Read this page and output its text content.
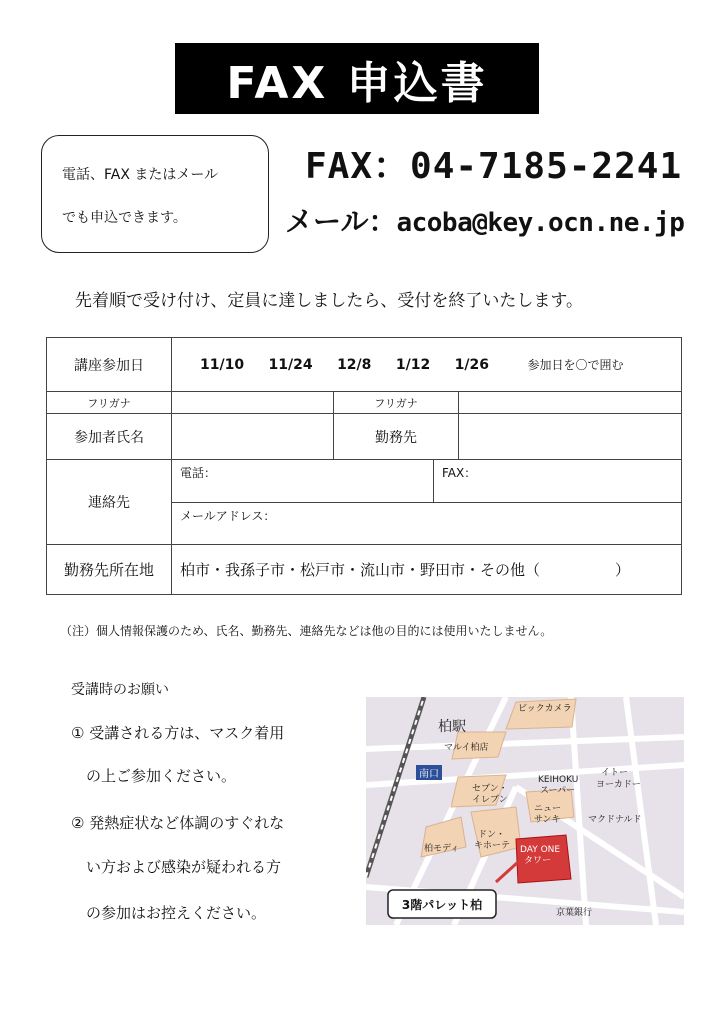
FAX 申込書
電話、FAX またはメール
でも申込できます。
FAX：04-7185-2241
メール：acoba@key.ocn.ne.jp
先着順で受け付け、定員に達しましたら、受付を終了いたします。
講座参加日	11/10 11/24 12/8 1/12 1/26 参加日を〇で囲む		
フリガナ		フリガナ	
参加者氏名		勤務先	
連絡先	電話： FAX：		

	メールアドレス：		
勤務先所在地	柏市・我孫子市・松戸市・流山市・野田市・その他（　　　　　）		
（注）個人情報保護のため、氏名、勤務先、連絡先などは他の目的には使用いたしません。
受講時のお願い
① 受講される方は、マスク着用
　の上ご参加ください。
② 発熱症状など体調のすぐれな
　い方および感染が疑われる方
　の参加はお控えください。
南口
ビックカメラ
柏駅
マルイ柏店
セブン・
イレブン
KEIHOKU
スーパー
イトー
ヨーカドー
ニュー
サンキ	マクドナルド
ドン・
キホーテ
柏モディ	DAY ONE
タワー
京葉銀行
3階パレット柏
